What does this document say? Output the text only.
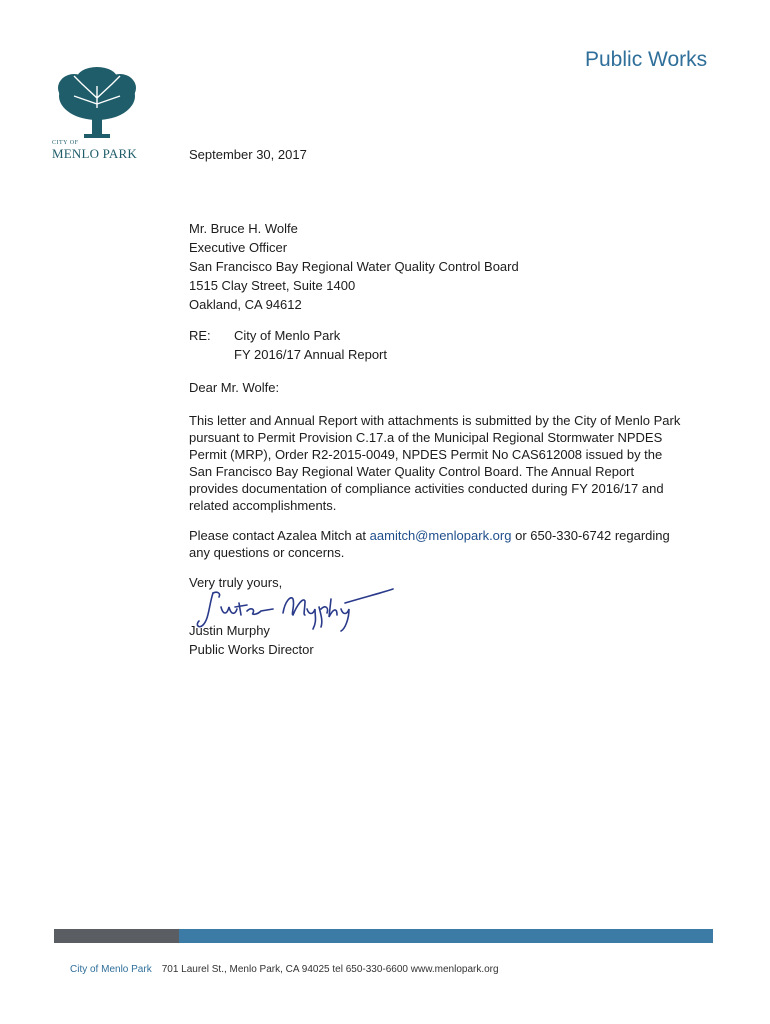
Public Works
CITY OF
MENLO PARK	September 30, 2017
Mr. Bruce H. Wolfe
Executive Officer
San Francisco Bay Regional Water Quality Control Board
1515 Clay Street, Suite 1400
Oakland, CA 94612
RE: City of Menlo Park
FY 2016/17 Annual Report
Dear Mr. Wolfe:
This letter and Annual Report with attachments is submitted by the City of Menlo Park
pursuant to Permit Provision C.17.a of the Municipal Regional Stormwater NPDES
Permit (MRP), Order R2-2015-0049, NPDES Permit No CAS612008 issued by the
San Francisco Bay Regional Water Quality Control Board. The Annual Report
provides documentation of compliance activities conducted during FY 2016/17 and
related accomplishments.
Please contact Azalea Mitch at aamitch@menlopark.org or 650-330-6742 regarding
any questions or concerns.
Very truly yours,
Justin Murphy
Public Works Director
City of Menlo Park 701 Laurel St., Menlo Park, CA 94025 tel 650-330-6600 www.menlopark.org
